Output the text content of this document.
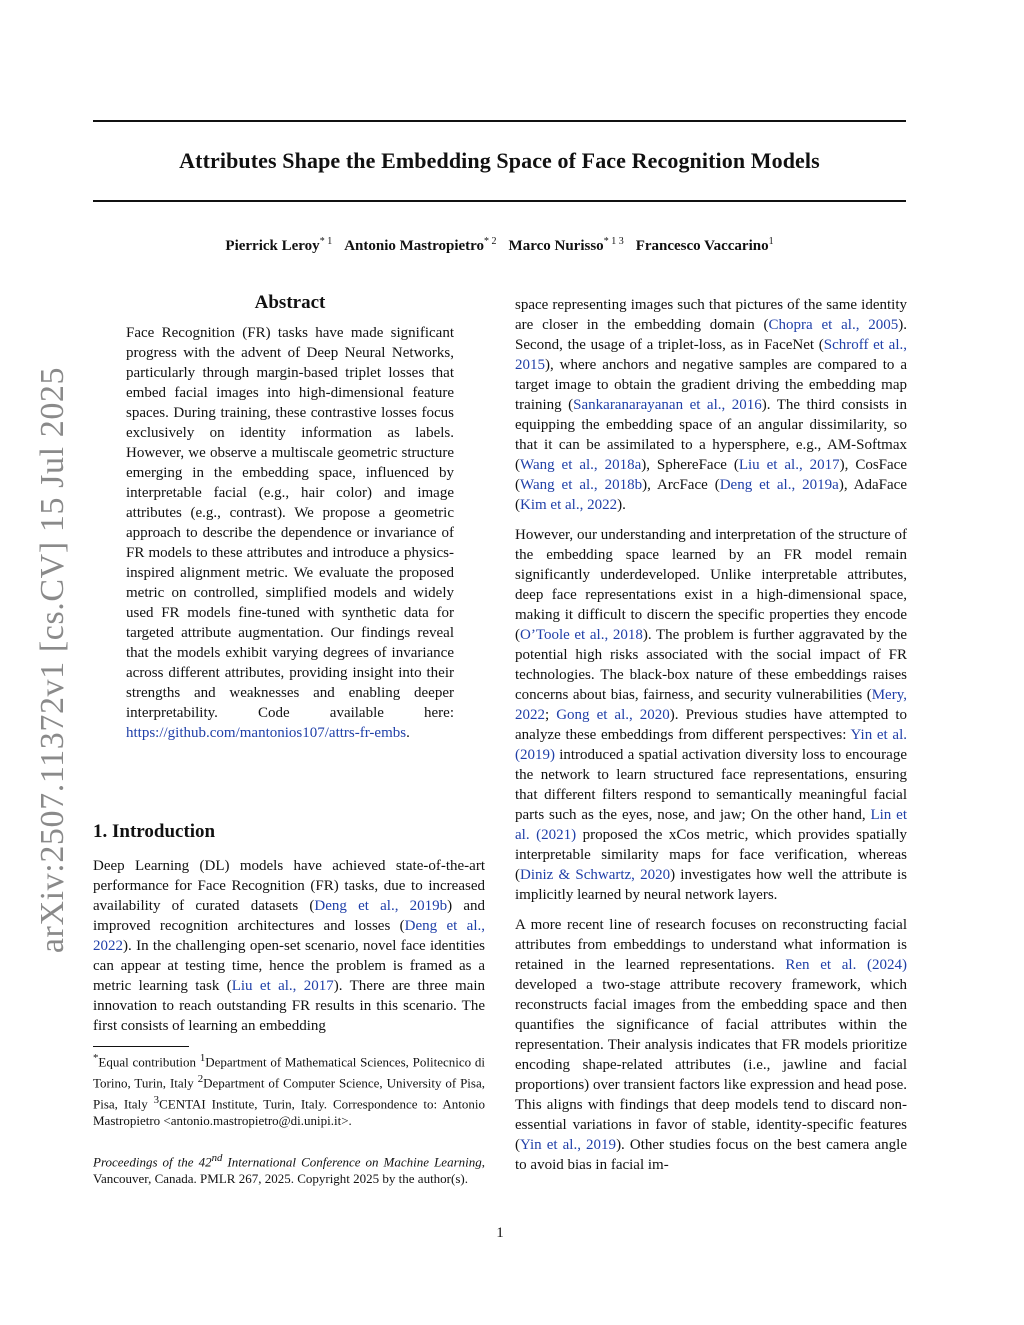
Attributes Shape the Embedding Space of Face Recognition Models
Pierrick Leroy$^{* 1}$ Antonio Mastropietro$^{* 2}$ Marco Nurisso$^{* 1 3}$ Francesco Vaccarino$^1$
arXiv:2507.11372v1 [cs.CV] 15 Jul 2025
Abstract
Face Recognition (FR) tasks have made significant progress with the advent of Deep Neural Networks, particularly through margin-based triplet losses that embed facial images into high-dimensional feature spaces. During training, these contrastive losses focus exclusively on identity information as labels. However, we observe a multiscale geometric structure emerging in the embedding space, influenced by interpretable facial (e.g., hair color) and image attributes (e.g., contrast). We propose a geometric approach to describe the dependence or invariance of FR models to these attributes and introduce a physics-inspired alignment metric. We evaluate the proposed metric on controlled, simplified models and widely used FR models fine-tuned with synthetic data for targeted attribute augmentation. Our findings reveal that the models exhibit varying degrees of invariance across different attributes, providing insight into their strengths and weaknesses and enabling deeper interpretability. Code available here: https://github.com/mantonios107/attrs-fr-embs.
1. Introduction

Deep Learning (DL) models have achieved state-of-the-art performance for Face Recognition (FR) tasks, due to increased availability of curated datasets (Deng et al., 2019b) and improved recognition architectures and losses (Deng et al., 2022). In the challenging open-set scenario, novel face identities can appear at testing time, hence the problem is framed as a metric learning task (Liu et al., 2017). There are three main innovation to reach outstanding FR results in this scenario. The first consists of learning an embedding

*Equal contribution $^1$Department of Mathematical Sciences, Politecnico di Torino, Turin, Italy $^2$Department of Computer Science, University of Pisa, Pisa, Italy $^3$CENTAI Institute, Turin, Italy. Correspondence to: Antonio Mastropietro <antonio.mastropietro@di.unipi.it>.
Proceedings of the 42nd International Conference on Machine Learning, Vancouver, Canada. PMLR 267, 2025. Copyright 2025 by the author(s).

space representing images such that pictures of the same identity are closer in the embedding domain (Chopra et al., 2005). Second, the usage of a triplet-loss, as in FaceNet (Schroff et al., 2015), where anchors and negative samples are compared to a target image to obtain the gradient driving the embedding map training (Sankaranarayanan et al., 2016). The third consists in equipping the embedding space of an angular dissimilarity, so that it can be assimilated to a hypersphere, e.g., AM-Softmax (Wang et al., 2018a), SphereFace (Liu et al., 2017), CosFace (Wang et al., 2018b), ArcFace (Deng et al., 2019a), AdaFace (Kim et al., 2022).

However, our understanding and interpretation of the structure of the embedding space learned by an FR model remain significantly underdeveloped. Unlike interpretable attributes, deep face representations exist in a high-dimensional space, making it difficult to discern the specific properties they encode (O’Toole et al., 2018). The problem is further aggravated by the potential high risks associated with the social impact of FR technologies. The black-box nature of these embeddings raises concerns about bias, fairness, and security vulnerabilities (Mery, 2022; Gong et al., 2020). Previous studies have attempted to analyze these embeddings from different perspectives: Yin et al. (2019) introduced a spatial activation diversity loss to encourage the network to learn structured face representations, ensuring that different filters respond to semantically meaningful facial parts such as the eyes, nose, and jaw; On the other hand, Lin et al. (2021) proposed the xCos metric, which provides spatially interpretable similarity maps for face verification, whereas (Diniz & Schwartz, 2020) investigates how well the attribute is implicitly learned by neural network layers.

A more recent line of research focuses on reconstructing facial attributes from embeddings to understand what information is retained in the learned representations. Ren et al. (2024) developed a two-stage attribute recovery framework, which reconstructs facial images from the embedding space and then quantifies the significance of facial attributes within the representation. Their analysis indicates that FR models prioritize encoding shape-related attributes (i.e., jawline and facial proportions) over transient factors like expression and head pose. This aligns with findings that deep models tend to discard non-essential variations in favor of stable, identity-specific features (Yin et al., 2019). Other studies focus on the best camera angle to avoid bias in facial im-

1
